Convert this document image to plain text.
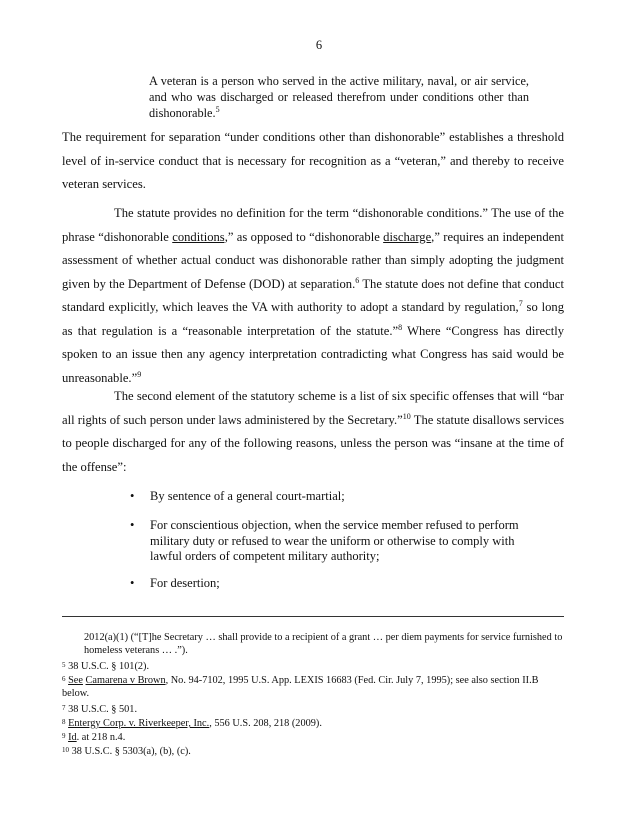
6
A veteran is a person who served in the active military, naval, or air service, and who was discharged or released therefrom under conditions other than dishonorable.$^5$
The requirement for separation “under conditions other than dishonorable” establishes a threshold level of in-service conduct that is necessary for recognition as a “veteran,” and thereby to receive veteran services.
The statute provides no definition for the term “dishonorable conditions.” The use of the phrase “dishonorable conditions,” as opposed to “dishonorable discharge,” requires an independent assessment of whether actual conduct was dishonorable rather than simply adopting the judgment given by the Department of Defense (DOD) at separation.$^6$ The statute does not define that conduct standard explicitly, which leaves the VA with authority to adopt a standard by regulation,$^7$ so long as that regulation is a “reasonable interpretation of the statute.”$^8$ Where “Congress has directly spoken to an issue then any agency interpretation contradicting what Congress has said would be unreasonable.”$^9$
The second element of the statutory scheme is a list of six specific offenses that will “bar all rights of such person under laws administered by the Secretary.”$^{10}$ The statute disallows services to people discharged for any of the following reasons, unless the person was “insane at the time of the offense”:
• By sentence of a general court-martial;
• For conscientious objection, when the service member refused to perform military duty or refused to wear the uniform or otherwise to comply with lawful orders of competent military authority;
• For desertion;
2012(a)(1) (“[T]he Secretary … shall provide to a recipient of a grant … per diem payments for service furnished to homeless veterans … .”).
$^5$ 38 U.S.C. § 101(2).
$^6$ See Camarena v Brown, No. 94-7102, 1995 U.S. App. LEXIS 16683 (Fed. Cir. July 7, 1995); see also section II.B below.
$^7$ 38 U.S.C. § 501.
$^8$ Entergy Corp. v. Riverkeeper, Inc., 556 U.S. 208, 218 (2009).
$^9$ Id. at 218 n.4.
$^{10}$ 38 U.S.C. § 5303(a), (b), (c).
